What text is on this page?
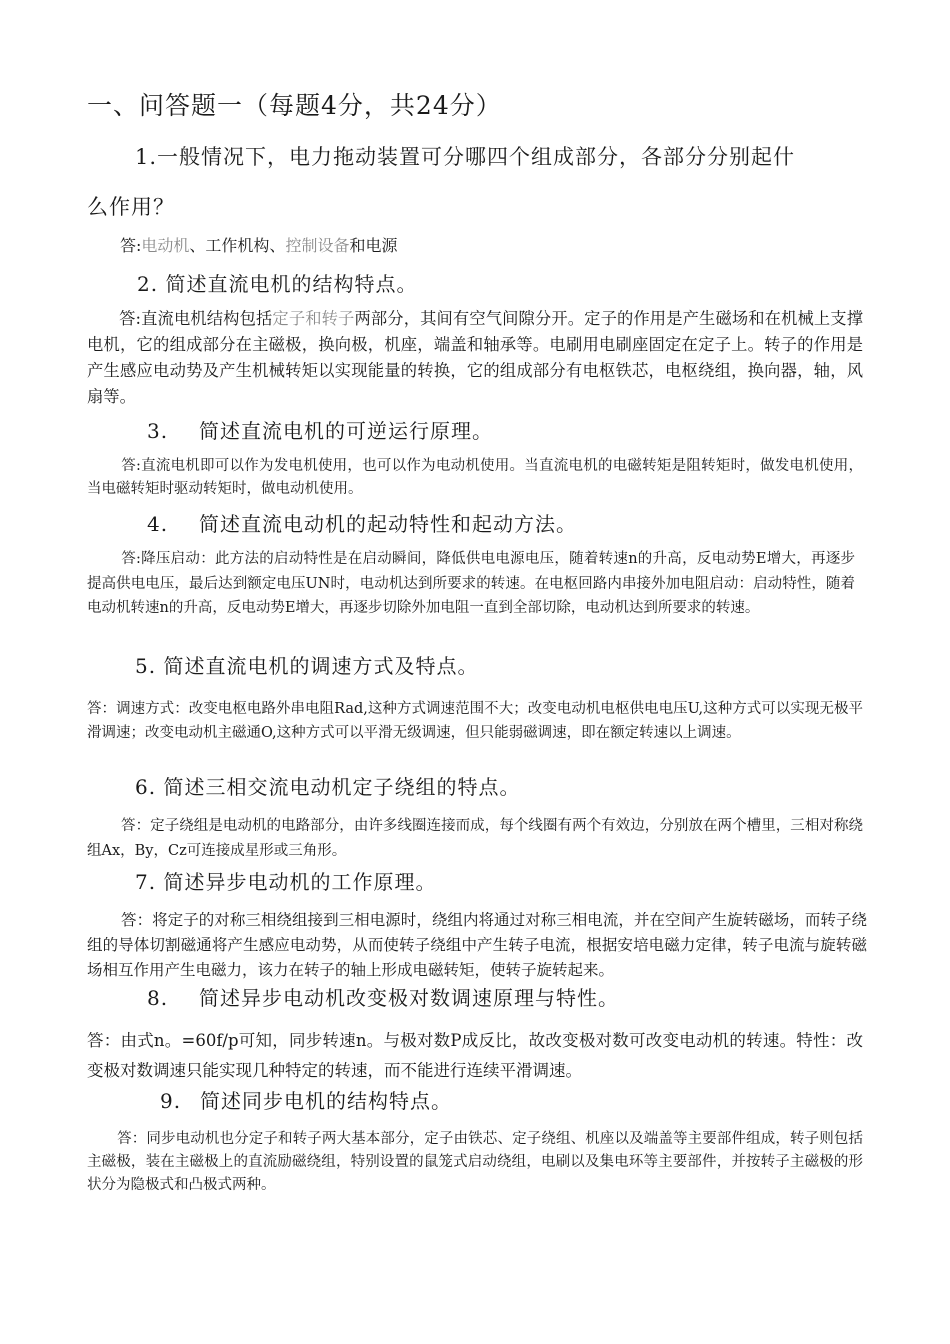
一、问答题一（每题4分，共24分）
1.一般情况下，电力拖动装置可分哪四个组成部分，各部分分别起什
么作用？
答:电动机、工作机构、控制设备和电源
2. 简述直流电机的结构特点。
答:直流电机结构包括定子和转子两部分，其间有空气间隙分开。定子的作用是产生磁场和在机械上支撑电机，它的组成部分在主磁极，换向极，机座，端盖和轴承等。电刷用电刷座固定在定子上。转子的作用是产生感应电动势及产生机械转矩以实现能量的转换，它的组成部分有电枢铁芯，电枢绕组，换向器，轴，风扇等。
3. 简述直流电机的可逆运行原理。
答:直流电机即可以作为发电机使用，也可以作为电动机使用。当直流电机的电磁转矩是阻转矩时，做发电机使用，当电磁转矩时驱动转矩时，做电动机使用。
4. 简述直流电动机的起动特性和起动方法。
答:降压启动：此方法的启动特性是在启动瞬间，降低供电电源电压，随着转速n的升高，反电动势E增大，再逐步提高供电电压，最后达到额定电压UN时，电动机达到所要求的转速。在电枢回路内串接外加电阻启动：启动特性，随着电动机转速n的升高，反电动势E增大，再逐步切除外加电阻一直到全部切除，电动机达到所要求的转速。
5. 简述直流电机的调速方式及特点。
答：调速方式：改变电枢电路外串电阻Rad,这种方式调速范围不大；改变电动机电枢供电电压U,这种方式可以实现无极平滑调速；改变电动机主磁通O,这种方式可以平滑无级调速，但只能弱磁调速，即在额定转速以上调速。
6. 简述三相交流电动机定子绕组的特点。
答：定子绕组是电动机的电路部分，由许多线圈连接而成，每个线圈有两个有效边，分别放在两个槽里，三相对称绕组Ax，By，Cz可连接成星形或三角形。
7. 简述异步电动机的工作原理。
答：将定子的对称三相绕组接到三相电源时，绕组内将通过对称三相电流，并在空间产生旋转磁场，而转子绕组的导体切割磁通将产生感应电动势，从而使转子绕组中产生转子电流，根据安培电磁力定律，转子电流与旋转磁场相互作用产生电磁力，该力在转子的轴上形成电磁转矩，使转子旋转起来。
8. 简述异步电动机改变极对数调速原理与特性。
答：由式n。=60f/p可知，同步转速n。与极对数P成反比，故改变极对数可改变电动机的转速。特性：改变极对数调速只能实现几种特定的转速，而不能进行连续平滑调速。
9. 简述同步电机的结构特点。
答：同步电动机也分定子和转子两大基本部分，定子由铁芯、定子绕组、机座以及端盖等主要部件组成，转子则包括主磁极，装在主磁极上的直流励磁绕组，特别设置的鼠笼式启动绕组，电刷以及集电环等主要部件，并按转子主磁极的形状分为隐极式和凸极式两种。
